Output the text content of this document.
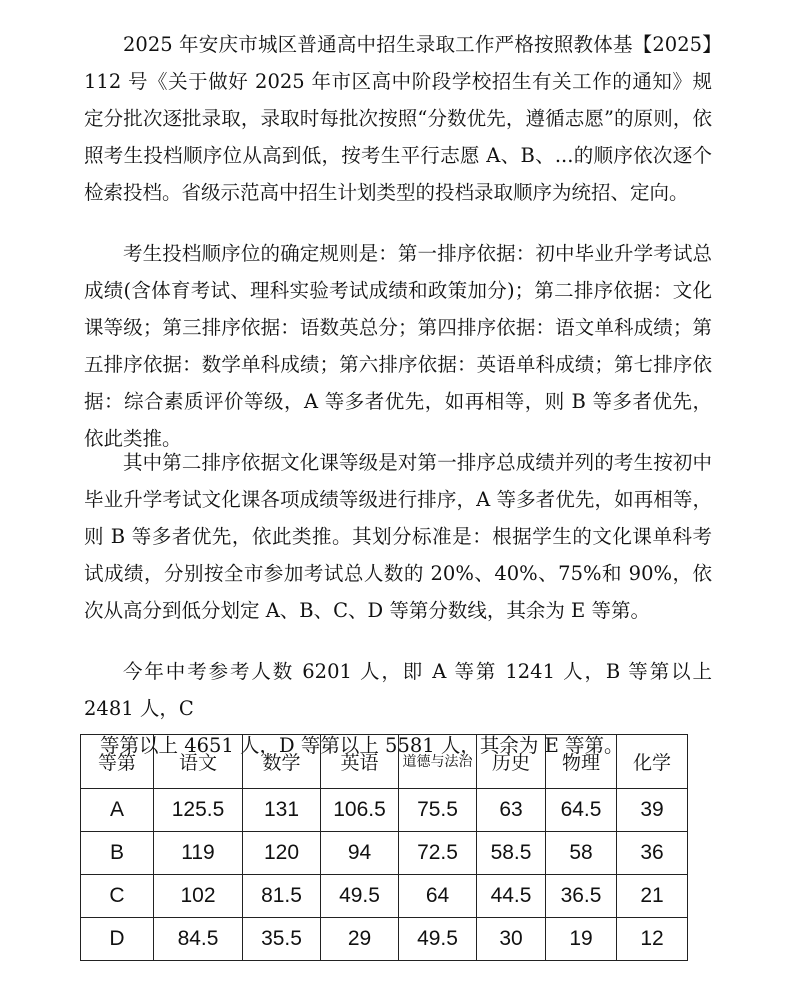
2025 年安庆市城区普通高中招生录取工作严格按照教体基【2025】112 号《关于做好 2025 年市区高中阶段学校招生有关工作的通知》规定分批次逐批录取，录取时每批次按照“分数优先，遵循志愿”的原则，依照考生投档顺序位从高到低，按考生平行志愿 A、B、...的顺序依次逐个检索投档。省级示范高中招生计划类型的投档录取顺序为统招、定向。

考生投档顺序位的确定规则是：第一排序依据：初中毕业升学考试总成绩(含体育考试、理科实验考试成绩和政策加分)；第二排序依据：文化课等级；第三排序依据：语数英总分；第四排序依据：语文单科成绩；第五排序依据：数学单科成绩；第六排序依据：英语单科成绩；第七排序依据：综合素质评价等级，A 等多者优先，如再相等，则 B 等多者优先，依此类推。

其中第二排序依据文化课等级是对第一排序总成绩并列的考生按初中毕业升学考试文化课各项成绩等级进行排序，A 等多者优先，如再相等，则 B 等多者优先，依此类推。其划分标准是：根据学生的文化课单科考试成绩，分别按全市参加考试总人数的 20%、40%、75%和 90%，依次从高分到低分划定 A、B、C、D 等第分数线，其余为 E 等第。

今年中考参考人数 6201 人，即 A 等第 1241 人，B 等第以上 2481 人，C
等第以上 4651 人，D 等第以上 5581 人，其余为 E 等第。

等第	语文	数学	英语	道德与法治	历史	物理	化学
A	125.5	131	106.5	75.5	63	64.5	39
B	119	120	94	72.5	58.5	58	36
C	102	81.5	49.5	64	44.5	36.5	21
D	84.5	35.5	29	49.5	30	19	12
